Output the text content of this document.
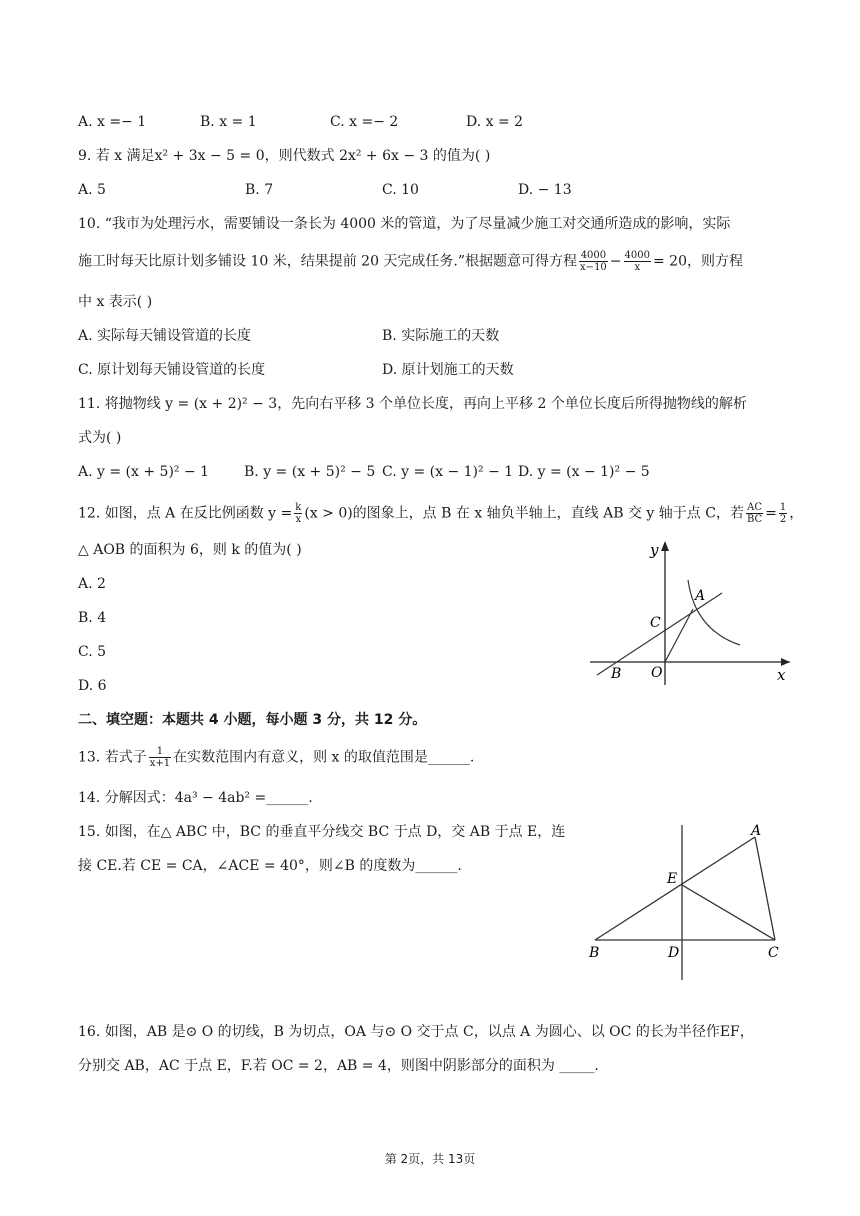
A. x =− 1	B. x = 1	C. x =− 2	D. x = 2
9. 若 x 满足x² + 3x − 5 = 0，则代数式 2x² + 6x − 3 的值为( )
A. 5	B. 7	C. 10	D. − 13
10. “我市为处理污水，需要铺设一条长为 4000 米的管道，为了尽量减少施工对交通所造成的影响，实际
施工时每天比原计划多铺设 10 米，结果提前 20 天完成任务.”根据题意可得方程 $\frac{4000}{x-10} - \frac{4000}{x} = 20$，则方程
中 x 表示( )
A. 实际每天铺设管道的长度	B. 实际施工的天数
C. 原计划每天铺设管道的长度	D. 原计划施工的天数
11. 将抛物线 y = (x + 2)² − 3，先向右平移 3 个单位长度，再向上平移 2 个单位长度后所得抛物线的解析
式为( )
A. y = (x + 5)² − 1 B. y = (x + 5)² − 5 C. y = (x − 1)² − 1 D. y = (x − 1)² − 5
12. 如图，点 A 在反比例函数 $y = \frac{k}{x} (x > 0)$的图象上，点 B 在 x 轴负半轴上，直线 AB 交 y 轴于点 C，若 $\frac{AC}{BC} = \frac{1}{2}$ ，
△ AOB 的面积为 6，则 k 的值为( )
A. 2
B. 4
C. 5
D. 6
y
A
C
O
B	x
二、填空题：本题共 4 小题，每小题 3 分，共 12 分。
13. 若式子 $\frac{1}{x+1}$ 在实数范围内有意义，则 x 的取值范围是______.
14. 分解因式：4a³ − 4ab² =______.
15. 如图，在△ ABC 中，BC 的垂直平分线交 BC 于点 D，交 AB 于点 E，连
接 CE.若 CE = CA，∠ACE = 40°，则∠B 的度数为______.
A
E
B	D	C
16. 如图，AB 是⊙ O 的切线，B 为切点，OA 与⊙ O 交于点 C，以点 A 为圆心、以 OC 的长为半径作EF，
分别交 AB，AC 于点 E，F.若 OC = 2，AB = 4，则图中阴影部分的面积为 _____.
第 2页，共 13页
